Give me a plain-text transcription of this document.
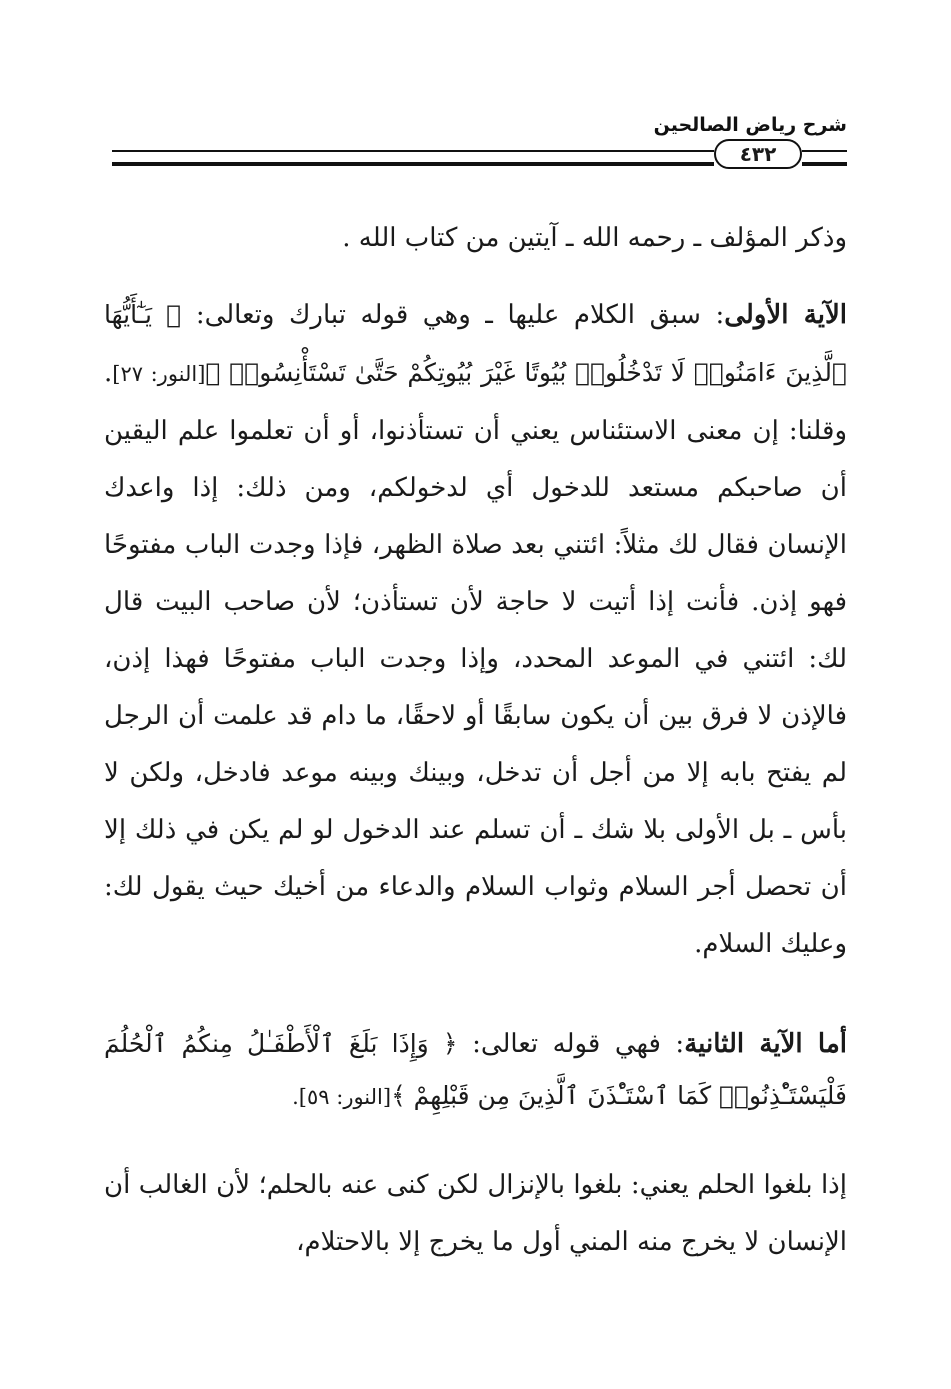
شرح رياض الصالحين
٤٣٢
وذكر المؤلف ـ رحمه الله ـ آيتين من كتاب الله .
الآية الأولى: سبق الكلام عليها ـ وهي قوله تبارك وتعالى: ﴿ يَـٰٓأَيُّهَا ٱلَّذِينَ ءَامَنُوا۟ لَا تَدْخُلُوا۟ بُيُوتًا غَيْرَ بُيُوتِكُمْ حَتَّىٰ تَسْتَأْنِسُوا۟ ﴾[النور: ٢٧]. وقلنا: إن معنى الاستئناس يعني أن تستأذنوا، أو أن تعلموا علم اليقين أن صاحبكم مستعد للدخول أي لدخولكم، ومن ذلك: إذا واعدك الإنسان فقال لك مثلاً: ائتني بعد صلاة الظهر، فإذا وجدت الباب مفتوحًا فهو إذن. فأنت إذا أتيت لا حاجة لأن تستأذن؛ لأن صاحب البيت قال لك: ائتني في الموعد المحدد، وإذا وجدت الباب مفتوحًا فهذا إذن، فالإذن لا فرق بين أن يكون سابقًا أو لاحقًا، ما دام قد علمت أن الرجل لم يفتح بابه إلا من أجل أن تدخل، وبينك وبينه موعد فادخل، ولكن لا بأس ـ بل الأولى بلا شك ـ أن تسلم عند الدخول لو لم يكن في ذلك إلا أن تحصل أجر السلام وثواب السلام والدعاء من أخيك حيث يقول لك: وعليك السلام.
أما الآية الثانية: فهي قوله تعالى: ﴿ وَإِذَا بَلَغَ ٱلْأَطْفَـٰلُ مِنكُمُ ٱلْحُلُمَ فَلْيَسْتَـْٔذِنُوا۟ كَمَا ٱسْتَـْٔذَنَ ٱلَّذِينَ مِن قَبْلِهِمْ ﴾[النور: ٥٩].
إذا بلغوا الحلم يعني: بلغوا بالإنزال لكن كنى عنه بالحلم؛ لأن الغالب أن الإنسان لا يخرج منه المني أول ما يخرج إلا بالاحتلام،
